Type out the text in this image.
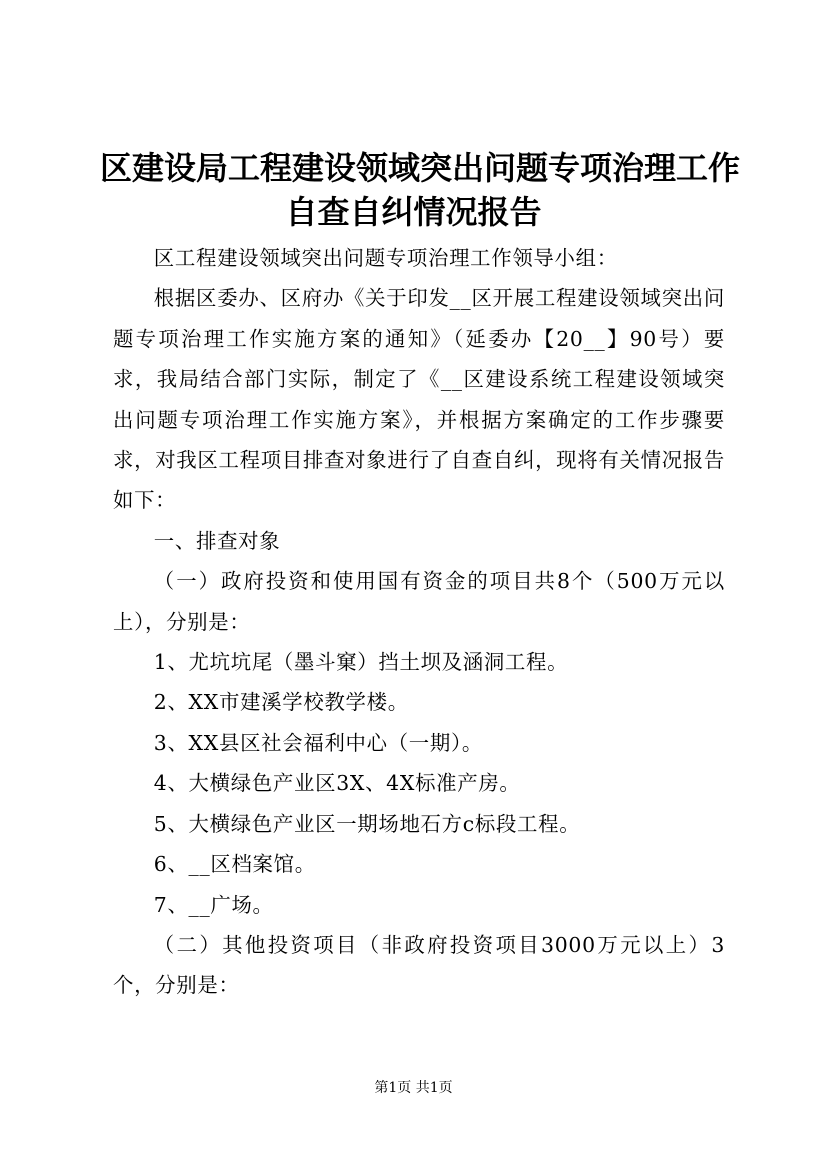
区建设局工程建设领域突出问题专项治理工作
自查自纠情况报告

区工程建设领域突出问题专项治理工作领导小组：

根据区委办、区府办《关于印发__区开展工程建设领域突出问题专项治理工作实施方案的通知》（延委办【20__】90号）要求，我局结合部门实际，制定了《__区建设系统工程建设领域突出问题专项治理工作实施方案》，并根据方案确定的工作步骤要求，对我区工程项目排查对象进行了自查自纠，现将有关情况报告如下：

一、排查对象

（一）政府投资和使用国有资金的项目共8个（500万元以上），分别是：

1、尤坑坑尾（墨斗窠）挡土坝及涵洞工程。

2、XX市建溪学校教学楼。

3、XX县区社会福利中心（一期）。

4、大横绿色产业区3X、4X标准产房。

5、大横绿色产业区一期场地石方c标段工程。

6、__区档案馆。

7、__广场。

（二）其他投资项目（非政府投资项目3000万元以上）3个，分别是：

第1页 共1页
